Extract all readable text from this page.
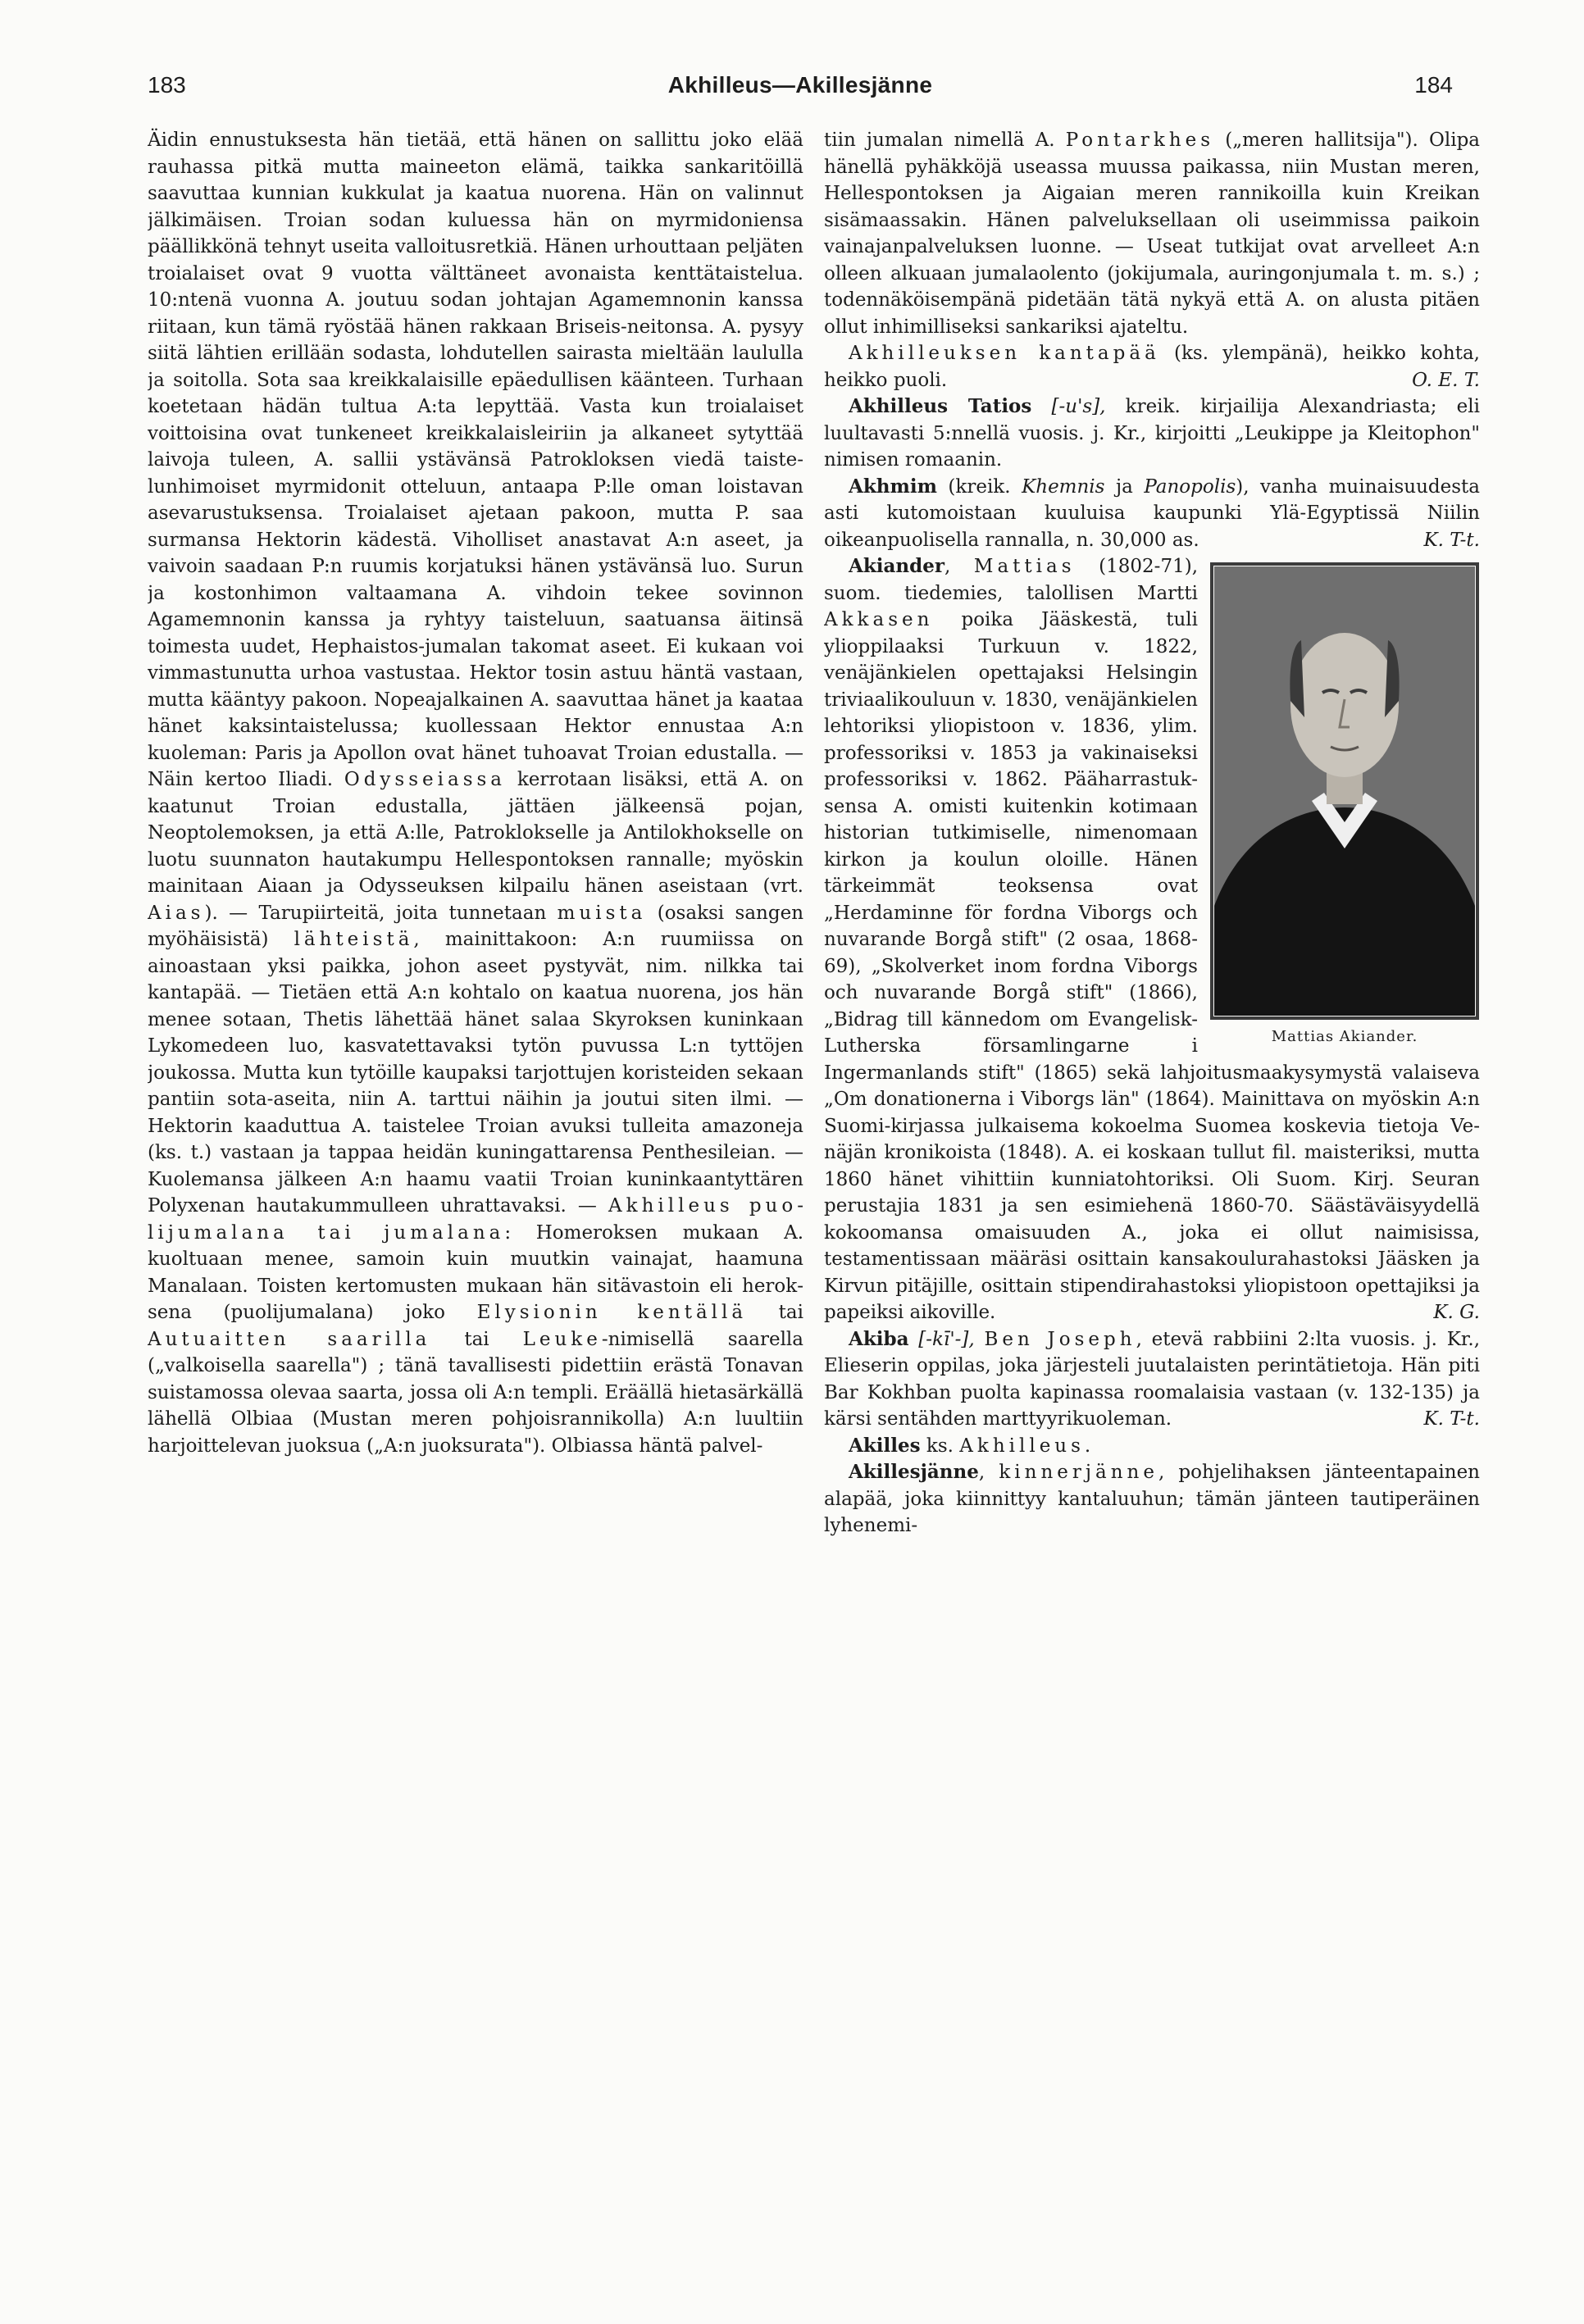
183	Akhilleus—Akillesjänne	184

Äidin ennustuksesta hän tietää, että hänen on sallittu joko elää rauhassa pitkä mutta maineeton elämä, taikka sankaritöillä saavuttaa kunnian kukkulat ja kaatua nuorena. Hän on valinnut jälkimäisen. Troian sodan kuluessa hän on myrmidoniensa päällikkönä tehnyt useita valloitusretkiä. Hänen urhouttaan peljäten troialaiset ovat 9 vuotta välttäneet avonaista kenttätaistelua. 10:ntenä vuonna A. joutuu sodan johtajan Agamemnonin kanssa riitaan, kun tämä ryöstää hänen rakkaan Briseis-neitonsa. A. pysyy siitä lähtien erillään sodasta, lohdutellen sairasta mieltään laululla ja soitolla. Sota saa kreikkalaisille epäedullisen käänteen. Turhaan koetetaan hädän tultua A:ta lepyttää. Vasta kun troialaiset voittoisina ovat tunkeneet kreikkalaisleiriin ja alkaneet sytyttää laivoja tuleen, A. sallii ystävänsä Patrokloksen viedä taistelunhimoiset myrmidonit otteluun, antaapa P:lle oman loistavan asevarustuksensa. Troialaiset ajetaan pakoon, mutta P. saa surmansa Hektorin kädestä. Viholliset anastavat A:n aseet, ja vaivoin saadaan P:n ruumis korjatuksi hänen ystävänsä luo. Surun ja kostonhimon valtaamana A. vihdoin tekee sovinnon Agamemnonin kanssa ja ryhtyy taisteluun, saatuansa äitinsä toimesta uudet, Hephaistos-jumalan takomat aseet. Ei kukaan voi vimmastunutta urhoa vastustaa. Hektor tosin astuu häntä vastaan, mutta kääntyy pakoon. Nopeajalkainen A. saavuttaa hänet ja kaataa hänet kaksintaistelussa; kuollessaan Hektor ennustaa A:n kuoleman: Paris ja Apollon ovat hänet tuhoavat Troian edustalla. — Näin kertoo Iliadi. Odysseiassa kerrotaan lisäksi, että A. on kaatunut Troian edustalla, jättäen jälkeensä pojan, Neoptolemoksen, ja että A:lle, Patroklokselle ja Antilokhokselle on luotu suunnaton hautakumpu Hellespontoksen rannalle; myöskin mainitaan Aiaan ja Odysseuksen kilpailu hänen aseistaan (vrt. Aias). — Tarupiirteitä, joita tunnetaan muista (osaksi sangen myöhäisistä) lähteistä, mainittakoon: A:n ruumiissa on ainoastaan yksi paikka, johon aseet pystyvät, nim. nilkka tai kantapää. — Tietäen että A:n kohtalo on kaatua nuorena, jos hän menee sotaan, Thetis lähettää hänet salaa Skyroksen kuninkaan Lykomedeen luo, kasvatettavaksi tytön puvussa L:n tyttöjen joukossa. Mutta kun tytöille kaupaksi tarjottujen koristeiden sekaan pantiin sota-aseita, niin A. tarttui näihin ja joutui siten ilmi. — Hektorin kaaduttua A. taistelee Troian avuksi tulleita amazoneja (ks. t.) vastaan ja tappaa heidän kuningattarensa Penthesileian. — Kuolemansa jälkeen A:n haamu vaatii Troian kuninkaantyttären Polyxenan hautakummulleen uhrattavaksi. — Akhilleus puolijumalana tai jumalana: Homeroksen mukaan A. kuoltuaan menee, samoin kuin muutkin vainajat, haamuna Manalaan. Toisten kertomusten mukaan hän sitävastoin eli heroksena (puolijumalana) joko Elysionin kentällä tai Autuaitten saarilla tai Leuke-nimisellä saarella („valkoisella saarella") ; tänä tavallisesti pidettiin erästä Tonavan suistamossa olevaa saarta, jossa oli A:n templi. Eräällä hietasärkällä lähellä Olbiaa (Mustan meren pohjoisrannikolla) A:n luultiin harjoittelevan juoksua („A:n juoksurata"). Olbiassa häntä palvel-

tiin jumalan nimellä A. Pontarkhes („meren hallitsija"). Olipa hänellä pyhäkköjä useassa muussa paikassa, niin Mustan meren, Hellespontoksen ja Aigaian meren rannikoilla kuin Kreikan sisämaassakin. Hänen palveluksellaan oli useimmissa paikoin vainajanpalveluksen luonne. — Useat tutkijat ovat arvelleet A:n olleen alkuaan jumalaolento (jokijumala, auringonjumala t. m. s.) ; todennäköisempänä pidetään tätä nykyä että A. on alusta pitäen ollut inhimilliseksi sankariksi ajateltu.

Akhilleuksen kantapää (ks. ylempänä), heikko kohta, heikko puoli.	O. E. T.

Akhilleus Tatios [-u's], kreik. kirjailija Alexandriasta; eli luultavasti 5:nnellä vuosis. j. Kr., kirjoitti „Leukippe ja Kleitophon" nimisen romaanin.

Akhmim (kreik. Khemnis ja Panopolis), vanha muinaisuudesta asti kutomoistaan kuuluisa kaupunki Ylä-Egyptissä Niilin oikeanpuolisella rannalla, n. 30,000 as.	K. T-t.

Mattias Akiander.
Akiander, Mattias (1802-71), suom. tiedemies, talollisen Martti Akkasen poika Jääskestä, tuli ylioppilaaksi Turkuun v. 1822, venäjänkielen opettajaksi Helsingin triviaalikouluun v. 1830, venäjänkielen lehtoriksi yliopistoon v. 1836, ylim. professoriksi v. 1853 ja vakinaiseksi professoriksi v. 1862. Pääharrastuksensa A. omisti kuitenkin kotimaan historian tutkimiselle, nimenomaan kirkon ja koulun oloille. Hänen tärkeimmät teoksensa ovat „Herdaminne för fordna Viborgs och nuvarande Borgå stift" (2 osaa, 1868-69), „Skolverket inom fordna Viborgs och nuvarande Borgå stift" (1866), „Bidrag till kännedom om Evangelisk-Lutherska församlingarne i Ingermanlands stift" (1865) sekä lahjoitusmaakysymystä valaiseva „Om donationerna i Viborgs län" (1864). Mainittava on myöskin A:n Suomi-kirjassa julkaisema kokoelma Suomea koskevia tietoja Venäjän kronikoista (1848). A. ei koskaan tullut fil. maisteriksi, mutta 1860 hänet vihittiin kunniatohtoriksi. Oli Suom. Kirj. Seuran perustajia 1831 ja sen esimiehenä 1860-70. Säästäväisyydellä kokoomansa omaisuuden A., joka ei ollut naimisissa, testamentissaan määräsi osittain kansakoulurahastoksi Jääsken ja Kirvun pitäjille, osittain stipendirahastoksi yliopistoon opettajiksi ja papeiksi aikoville.	K. G.

Akiba [-kī'-], Ben Joseph, etevä rabbiini 2:lta vuosis. j. Kr., Elieserin oppilas, joka järjesteli juutalaisten perintätietoja. Hän piti Bar Kokhban puolta kapinassa roomalaisia vastaan (v. 132-135) ja kärsi sentähden marttyyrikuoleman.	K. T-t.

Akilles ks. Akhilleus.

Akillesjänne, kinnerjänne, pohjelihaksen jänteentapainen alapää, joka kiinnittyy kantaluuhun; tämän jänteen tautiperäinen lyhenemi-
